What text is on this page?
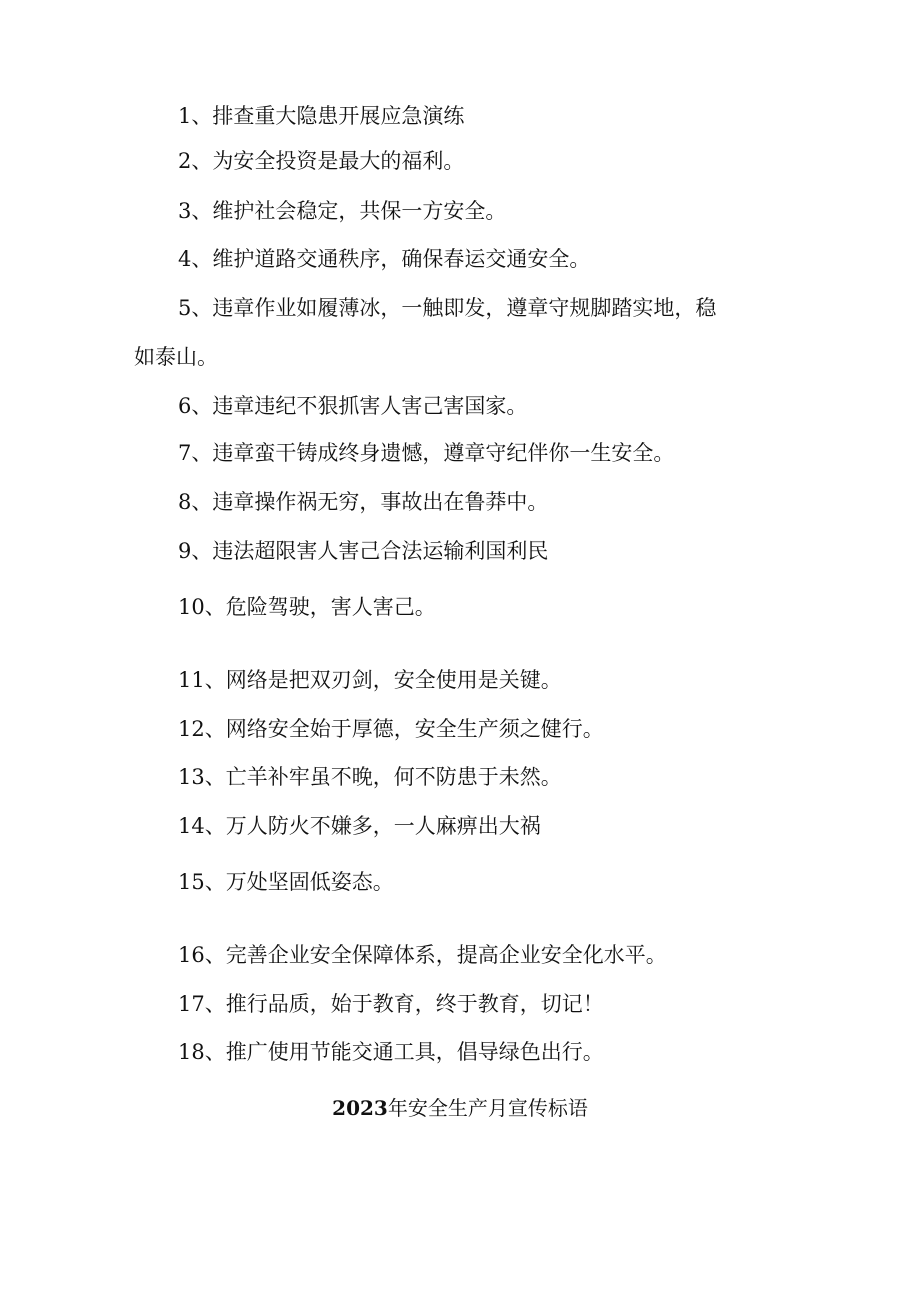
1、排查重大隐患开展应急演练
2、为安全投资是最大的福利。
3、维护社会稳定，共保一方安全。
4、维护道路交通秩序，确保春运交通安全。
5、违章作业如履薄冰，一触即发，遵章守规脚踏实地，稳
如泰山。
6、违章违纪不狠抓害人害己害国家。
7、违章蛮干铸成终身遗憾，遵章守纪伴你一生安全。
8、违章操作祸无穷，事故出在鲁莽中。
9、违法超限害人害己合法运输利国利民
10、危险驾驶，害人害己。
11、网络是把双刃剑，安全使用是关键。
12、网络安全始于厚德，安全生产须之健行。
13、亡羊补牢虽不晚，何不防患于未然。
14、万人防火不嫌多，一人麻痹出大祸
15、万处坚固低姿态。
16、完善企业安全保障体系，提高企业安全化水平。
17、推行品质，始于教育，终于教育，切记！
18、推广使用节能交通工具，倡导绿色出行。
2023年安全生产月宣传标语
